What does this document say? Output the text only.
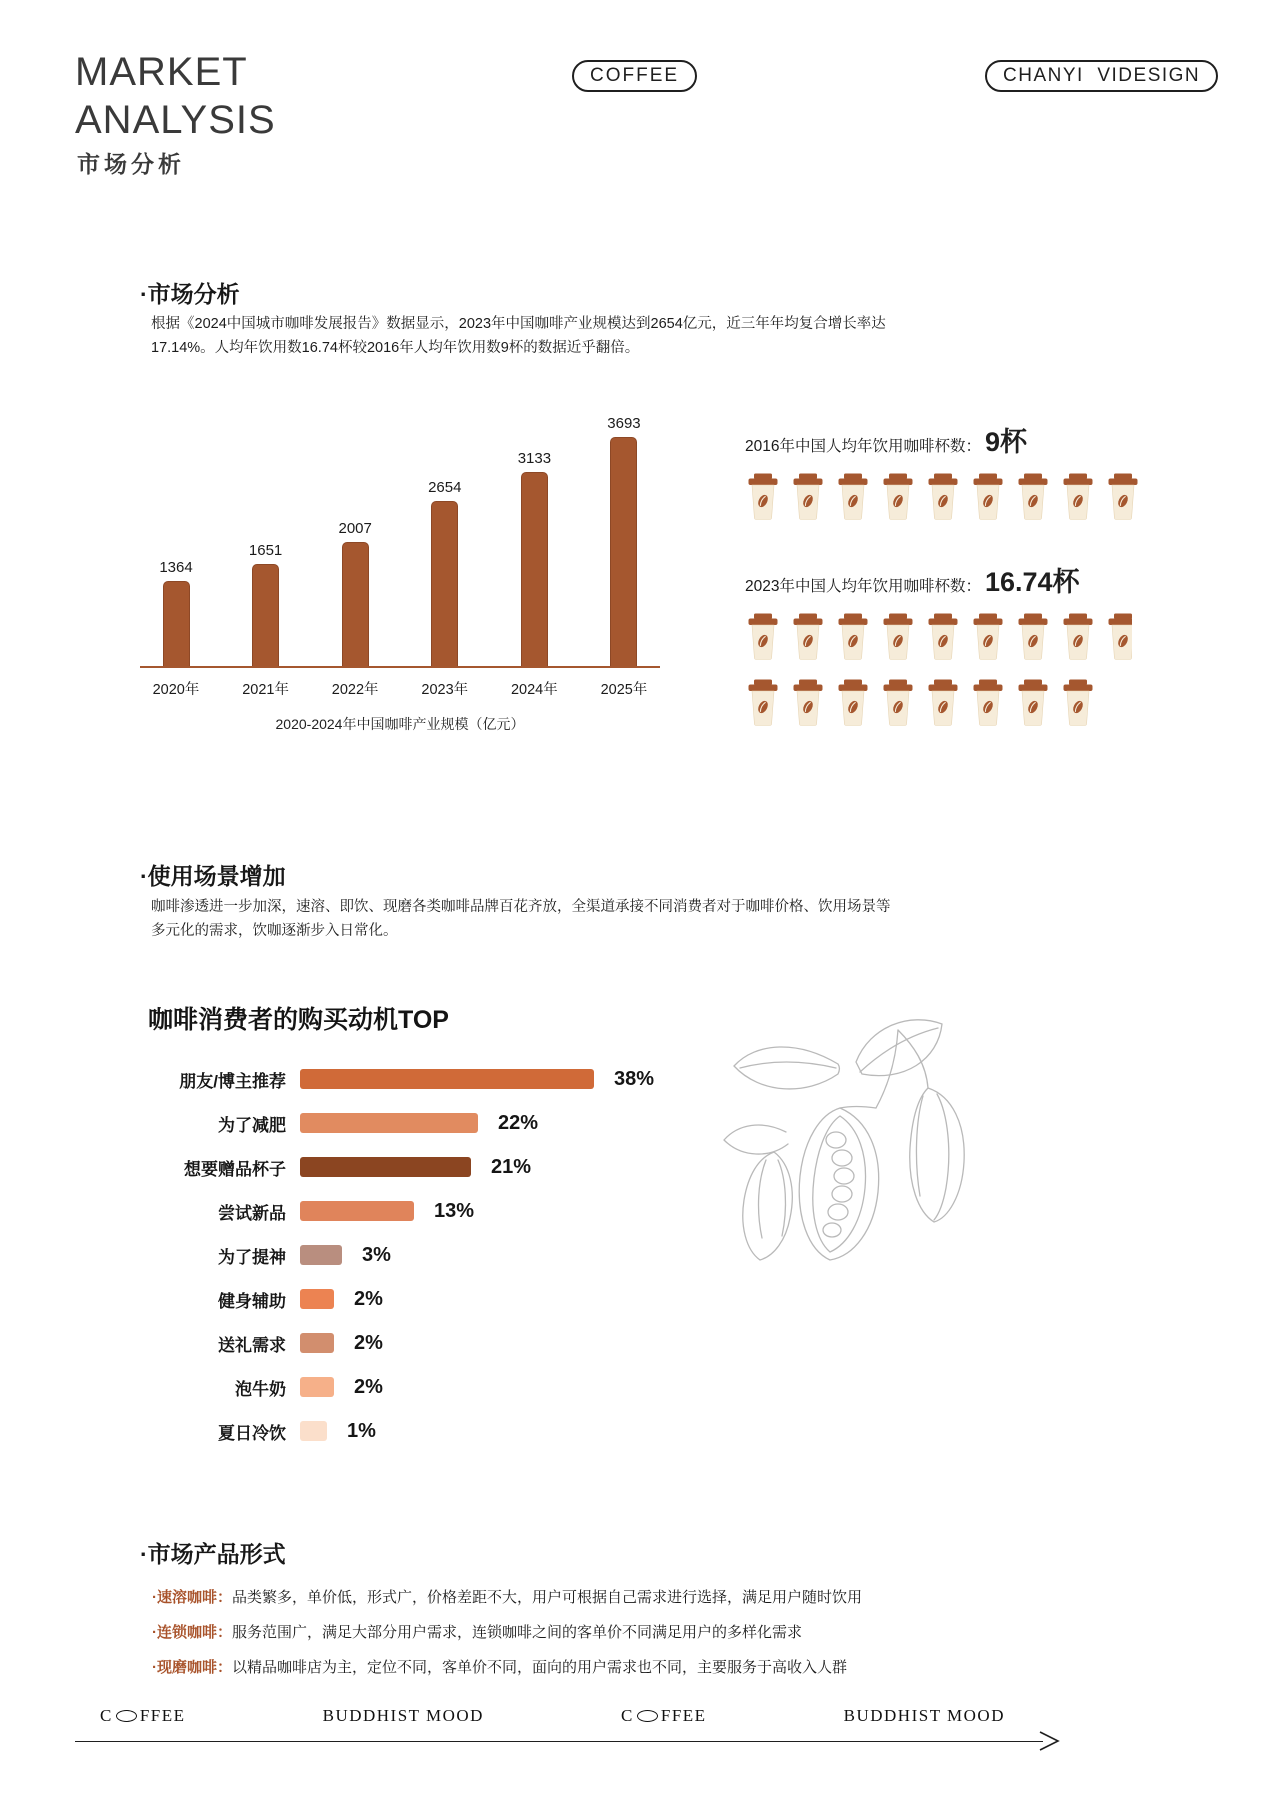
MARKET
ANALYSIS
市场分析
COFFEE	CHANYI  VIDESIGN
·市场分析
根据《2024中国城市咖啡发展报告》数据显示，2023年中国咖啡产业规模达到2654亿元，近三年年均复合增长率达
17.14%。人均年饮用数16.74杯较2016年人均年饮用数9杯的数据近乎翻倍。
1364
1651
2007
2654
3133
3693
2020年	2021年	2022年	2023年	2024年	2025年
2020-2024年中国咖啡产业规模（亿元）
2016年中国人均年饮用咖啡杯数： 9杯
2023年中国人均年饮用咖啡杯数： 16.74杯
·使用场景增加
咖啡渗透进一步加深，速溶、即饮、现磨各类咖啡品牌百花齐放，全渠道承接不同消费者对于咖啡价格、饮用场景等
多元化的需求，饮咖逐渐步入日常化。
咖啡消费者的购买动机TOP
朋友/博主推荐	38%
为了减肥	22%
想要赠品杯子	21%
尝试新品	13%
为了提神	3%
健身辅助	2%
送礼需求	2%
泡牛奶	2%
夏日冷饮	1%
·市场产品形式
·速溶咖啡：品类繁多，单价低，形式广，价格差距不大，用户可根据自己需求进行选择，满足用户随时饮用
·连锁咖啡：服务范围广，满足大部分用户需求，连锁咖啡之间的客单价不同满足用户的多样化需求
·现磨咖啡：以精品咖啡店为主，定位不同，客单价不同，面向的用户需求也不同，主要服务于高收入人群
C FFEE	BUDDHIST MOOD	C FFEE	BUDDHIST MOOD
